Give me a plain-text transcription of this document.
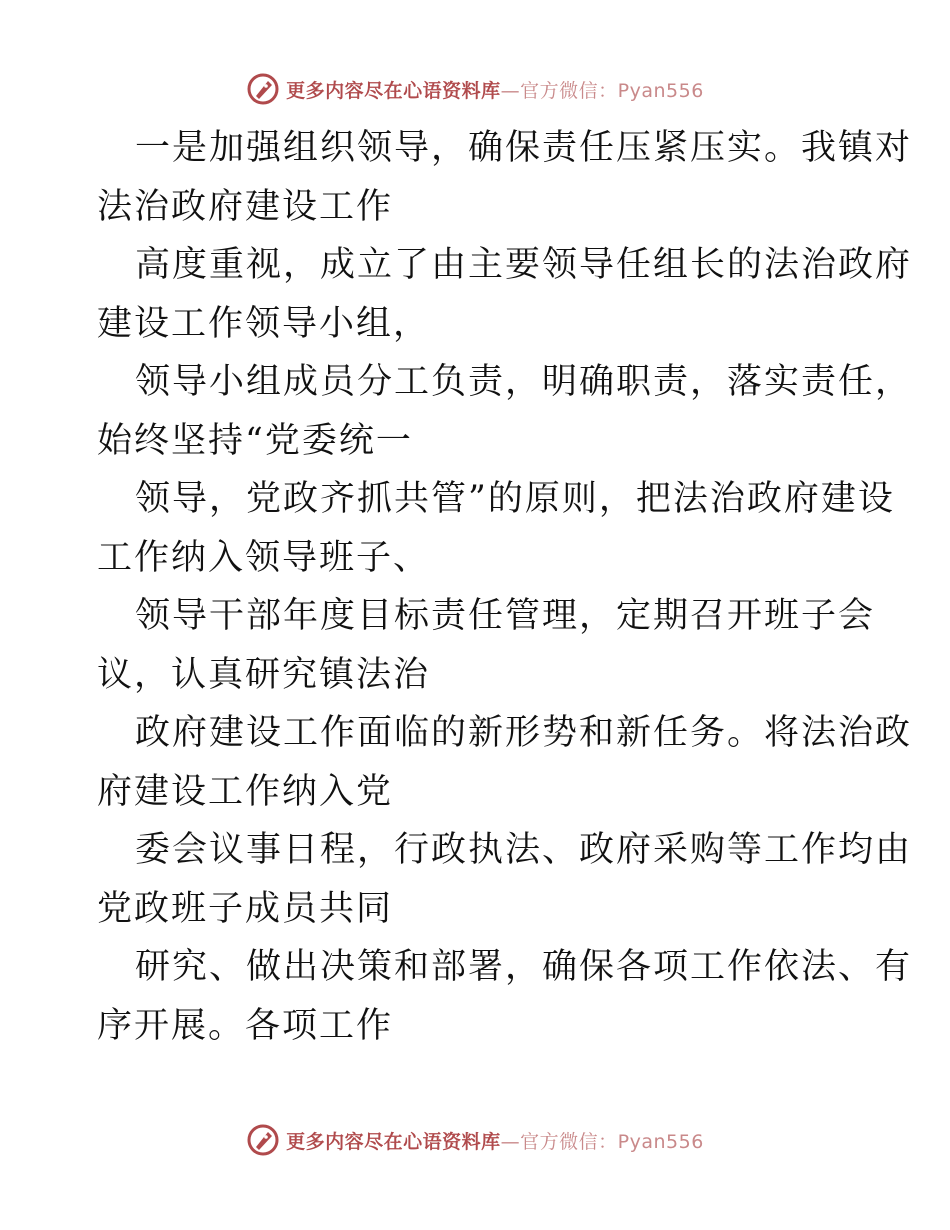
更多内容尽在心语资料库—官方微信：Pyan556
一是加强组织领导，确保责任压紧压实。我镇对
法治政府建设工作
高度重视，成立了由主要领导任组长的法治政府
建设工作领导小组，
领导小组成员分工负责，明确职责，落实责任，
始终坚持“党委统一
领导，党政齐抓共管”的原则，把法治政府建设
工作纳入领导班子、
领导干部年度目标责任管理，定期召开班子会
议，认真研究镇法治
政府建设工作面临的新形势和新任务。将法治政
府建设工作纳入党
委会议事日程，行政执法、政府采购等工作均由
党政班子成员共同
研究、做出决策和部署，确保各项工作依法、有
序开展。各项工作
更多内容尽在心语资料库—官方微信：Pyan556
